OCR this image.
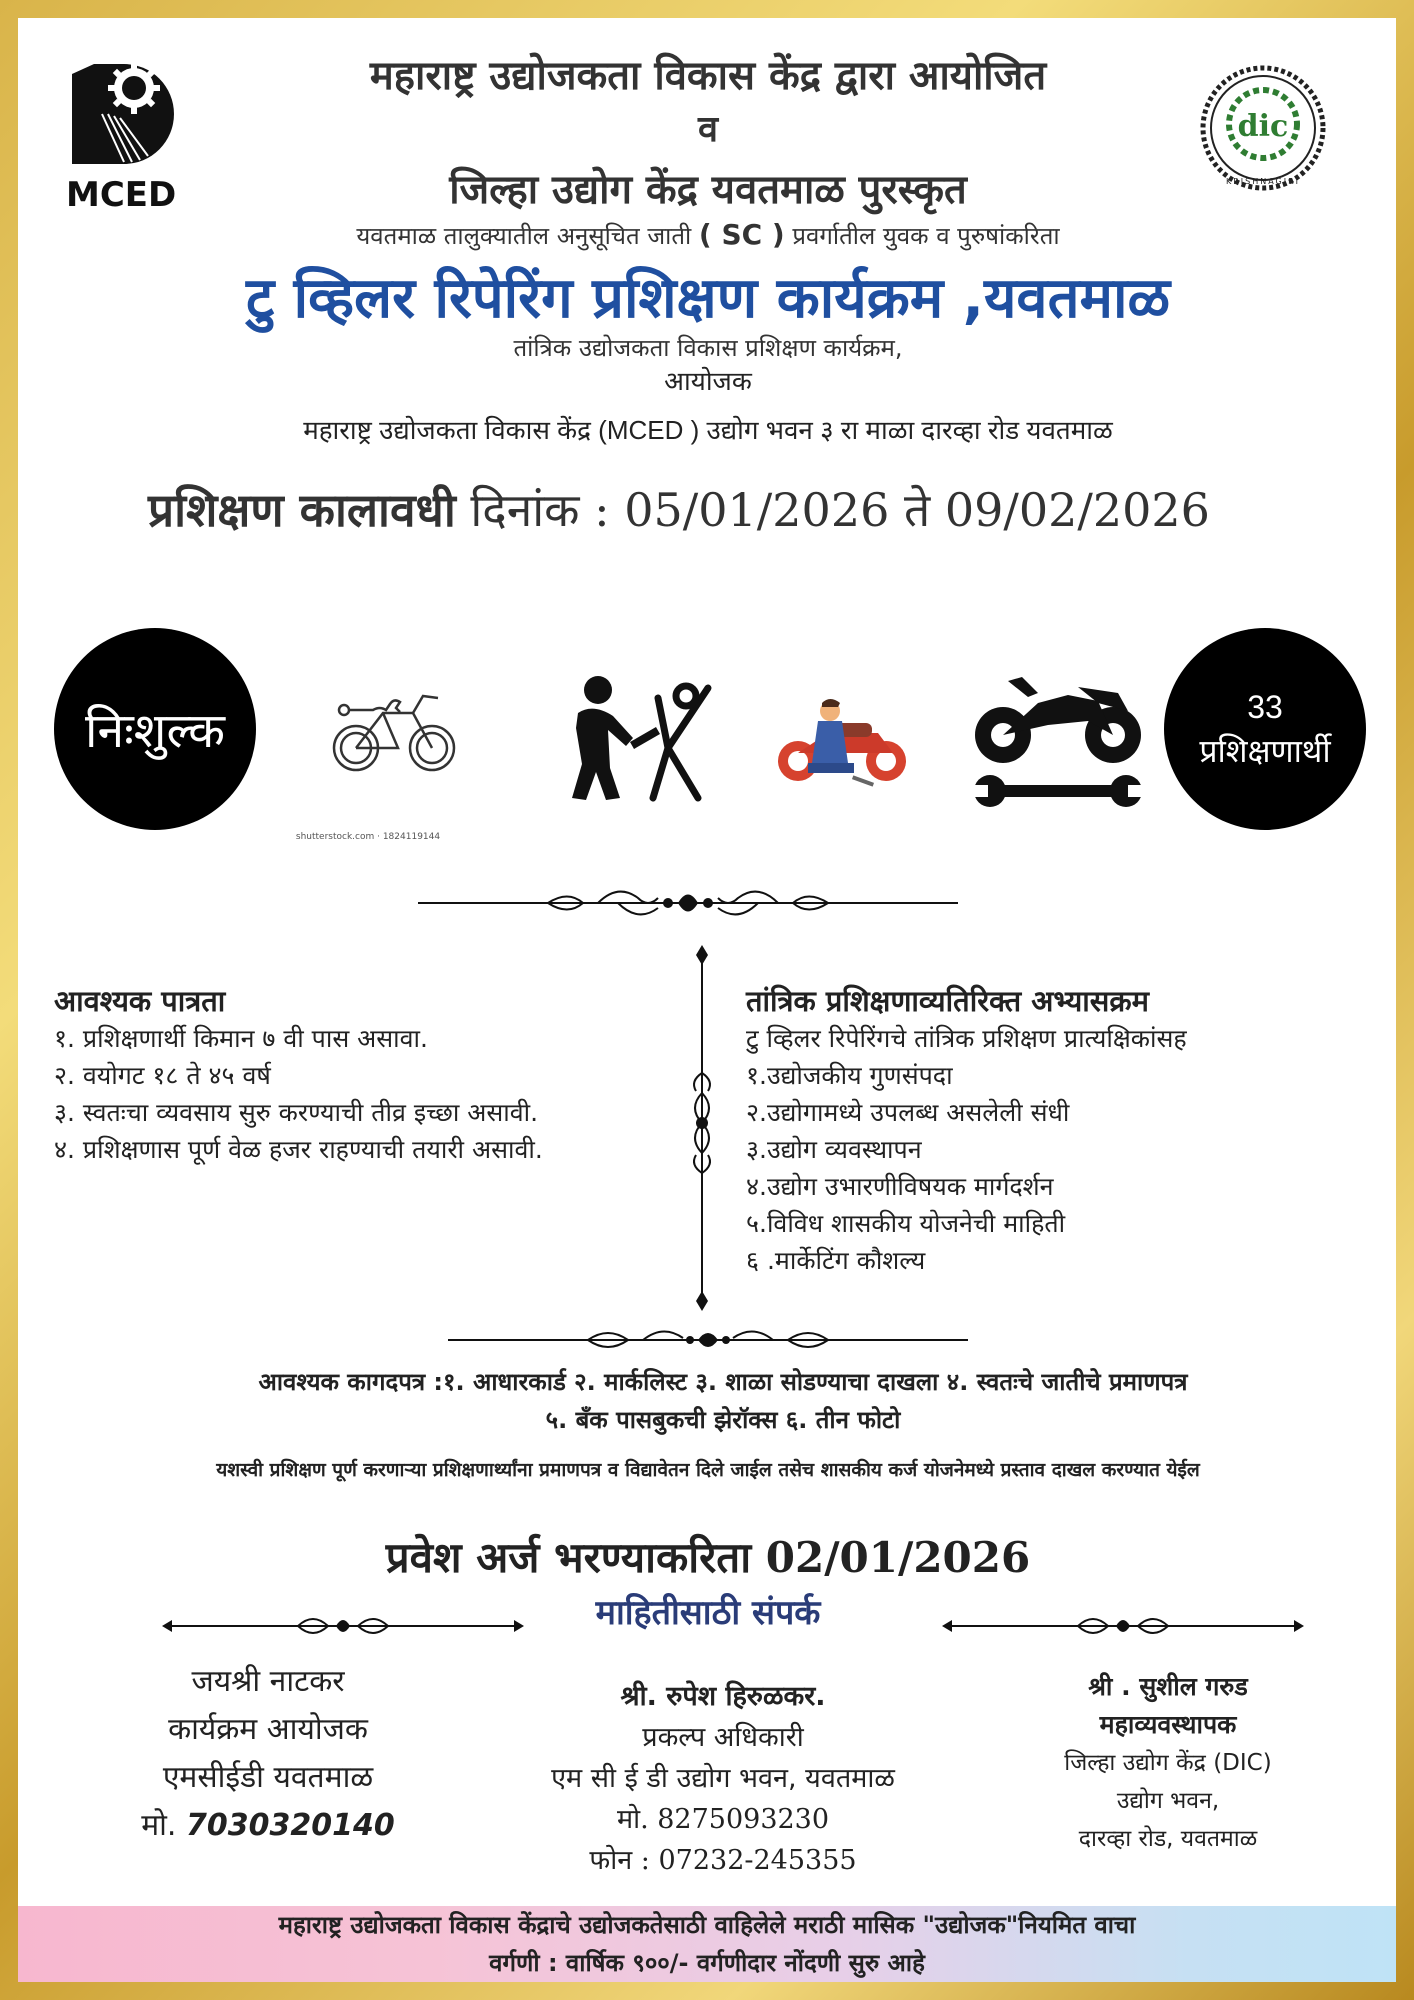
MCED
dic
KRISHNAGIRI
महाराष्ट्र उद्योजकता विकास केंद्र द्वारा आयोजित
व
जिल्हा उद्योग केंद्र यवतमाळ पुरस्कृत
यवतमाळ तालुक्यातील अनुसूचित जाती ( SC ) प्रवर्गातील युवक व पुरुषांकरिता
टु व्हिलर रिपेरिंग प्रशिक्षण कार्यक्रम ,यवतमाळ
तांत्रिक उद्योजकता विकास प्रशिक्षण कार्यक्रम,
आयोजक
महाराष्ट्र उद्योजकता विकास केंद्र (MCED ) उद्योग भवन ३ रा माळा दारव्हा रोड यवतमाळ
प्रशिक्षण कालावधी दिनांक : 05/01/2026 ते 09/02/2026
निःशुल्क	33
प्रशिक्षणार्थी
shutterstock.com · 1824119144
आवश्यक पात्रता
१. प्रशिक्षणार्थी किमान ७ वी पास असावा.
२. वयोगट १८ ते ४५ वर्ष
३. स्वतःचा व्यवसाय सुरु करण्याची तीव्र इच्छा असावी.
४. प्रशिक्षणास पूर्ण वेळ हजर राहण्याची तयारी असावी.
तांत्रिक प्रशिक्षणाव्यतिरिक्त अभ्यासक्रम
टु व्हिलर रिपेरिंगचे तांत्रिक प्रशिक्षण प्रात्यक्षिकांसह
१.उद्योजकीय गुणसंपदा
२.उद्योगामध्ये उपलब्ध असलेली संधी
३.उद्योग व्यवस्थापन
४.उद्योग उभारणीविषयक मार्गदर्शन
५.विविध शासकीय योजनेची माहिती
६ .मार्केटिंग कौशल्य
आवश्यक कागदपत्र :१. आधारकार्ड २. मार्कलिस्ट ३. शाळा सोडण्याचा दाखला ४. स्वतःचे जातीचे प्रमाणपत्र
५. बँक पासबुकची झेरॉक्स ६. तीन फोटो
यशस्वी प्रशिक्षण पूर्ण करणाऱ्या प्रशिक्षणार्थ्यांना प्रमाणपत्र व विद्यावेतन दिले जाईल तसेच शासकीय कर्ज योजनेमध्ये प्रस्ताव दाखल करण्यात येईल
प्रवेश अर्ज भरण्याकरिता 02/01/2026
माहितीसाठी संपर्क
जयश्री नाटकर
कार्यक्रम आयोजक
एमसीईडी यवतमाळ
मो. 7030320140
श्री. रुपेश हिरुळकर.
प्रकल्प अधिकारी
एम सी ई डी उद्योग भवन, यवतमाळ
मो. 8275093230
फोन : 07232-245355
श्री . सुशील गरुड
महाव्यवस्थापक
जिल्हा उद्योग केंद्र (DIC)
उद्योग भवन,
दारव्हा रोड, यवतमाळ
महाराष्ट्र उद्योजकता विकास केंद्राचे उद्योजकतेसाठी वाहिलेले मराठी मासिक "उद्योजक"नियमित वाचा
वर्गणी : वार्षिक ९००/- वर्गणीदार नोंदणी सुरु आहे
